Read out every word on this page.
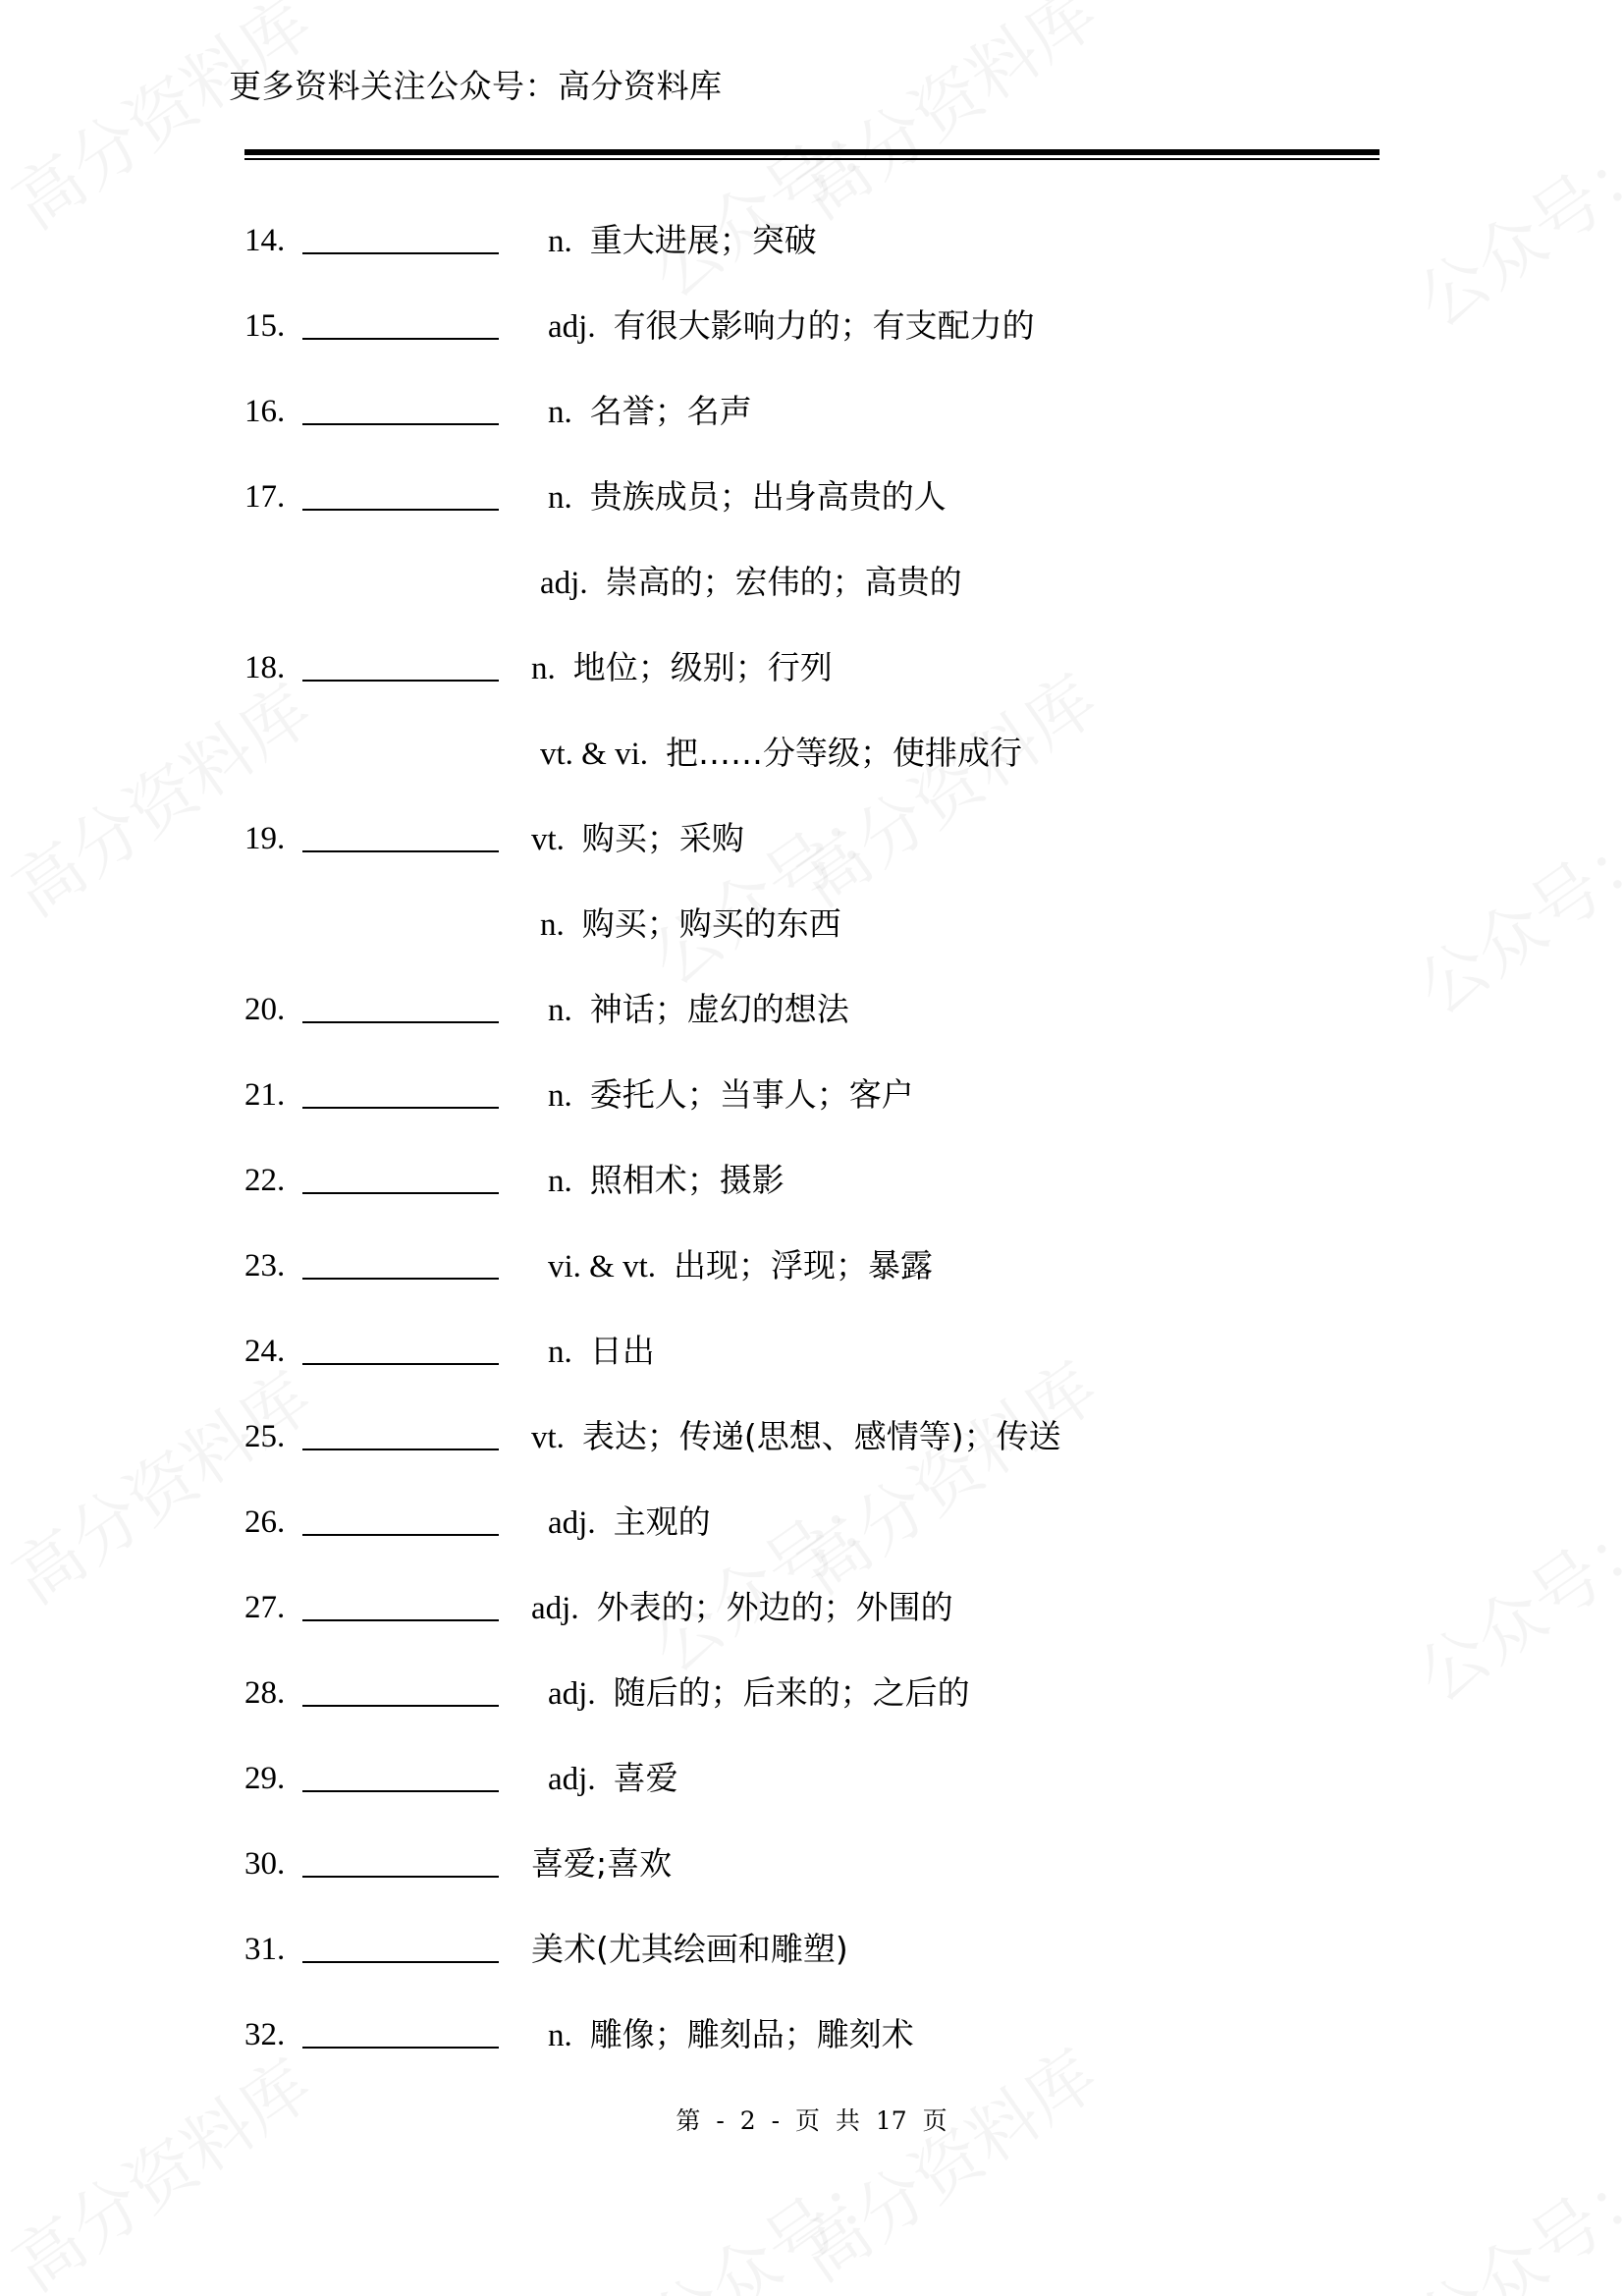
更多资料关注公众号：高分资料库
14.	n. 重大进展；突破
15.	adj. 有很大影响力的；有支配力的
16.	n. 名誉；名声
17.	n. 贵族成员；出身高贵的人
adj. 崇高的；宏伟的；高贵的
18.	n. 地位；级别；行列
vt. & vi. 把……分等级；使排成行
19.	vt. 购买；采购
n. 购买；购买的东西
20.	n. 神话；虚幻的想法
21.	n. 委托人；当事人；客户
22.	n. 照相术；摄影
23.	vi. & vt. 出现；浮现；暴露
24.	n. 日出
25.	vt. 表达；传递(思想、感情等)；传送
26.	adj. 主观的
27.	adj. 外表的；外边的；外围的
28.	adj. 随后的；后来的；之后的
29.	adj. 喜爱
30.	喜爱;喜欢
31.	美术(尤其绘画和雕塑)
32.	n. 雕像；雕刻品；雕刻术
第 - 2 - 页 共 17 页
